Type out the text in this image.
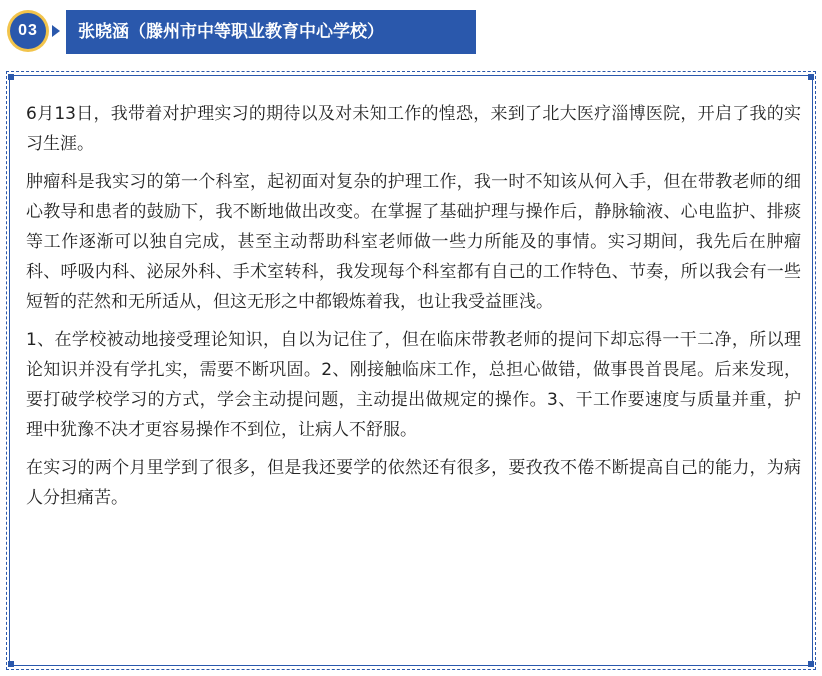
03	张晓涵（滕州市中等职业教育中心学校）

6月13日，我带着对护理实习的期待以及对未知工作的惶恐，来到了北大医疗淄博医院，开启了我的实习生涯。

肿瘤科是我实习的第一个科室，起初面对复杂的护理工作，我一时不知该从何入手，但在带教老师的细心教导和患者的鼓励下，我不断地做出改变。在掌握了基础护理与操作后，静脉输液、心电监护、排痰等工作逐渐可以独自完成，甚至主动帮助科室老师做一些力所能及的事情。实习期间，我先后在肿瘤科、呼吸内科、泌尿外科、手术室转科，我发现每个科室都有自己的工作特色、节奏，所以我会有一些短暂的茫然和无所适从，但这无形之中都锻炼着我，也让我受益匪浅。

1、在学校被动地接受理论知识，自以为记住了，但在临床带教老师的提问下却忘得一干二净，所以理论知识并没有学扎实，需要不断巩固。2、刚接触临床工作，总担心做错，做事畏首畏尾。后来发现，要打破学校学习的方式，学会主动提问题，主动提出做规定的操作。3、干工作要速度与质量并重，护理中犹豫不决才更容易操作不到位，让病人不舒服。

在实习的两个月里学到了很多，但是我还要学的依然还有很多，要孜孜不倦不断提高自己的能力，为病人分担痛苦。
